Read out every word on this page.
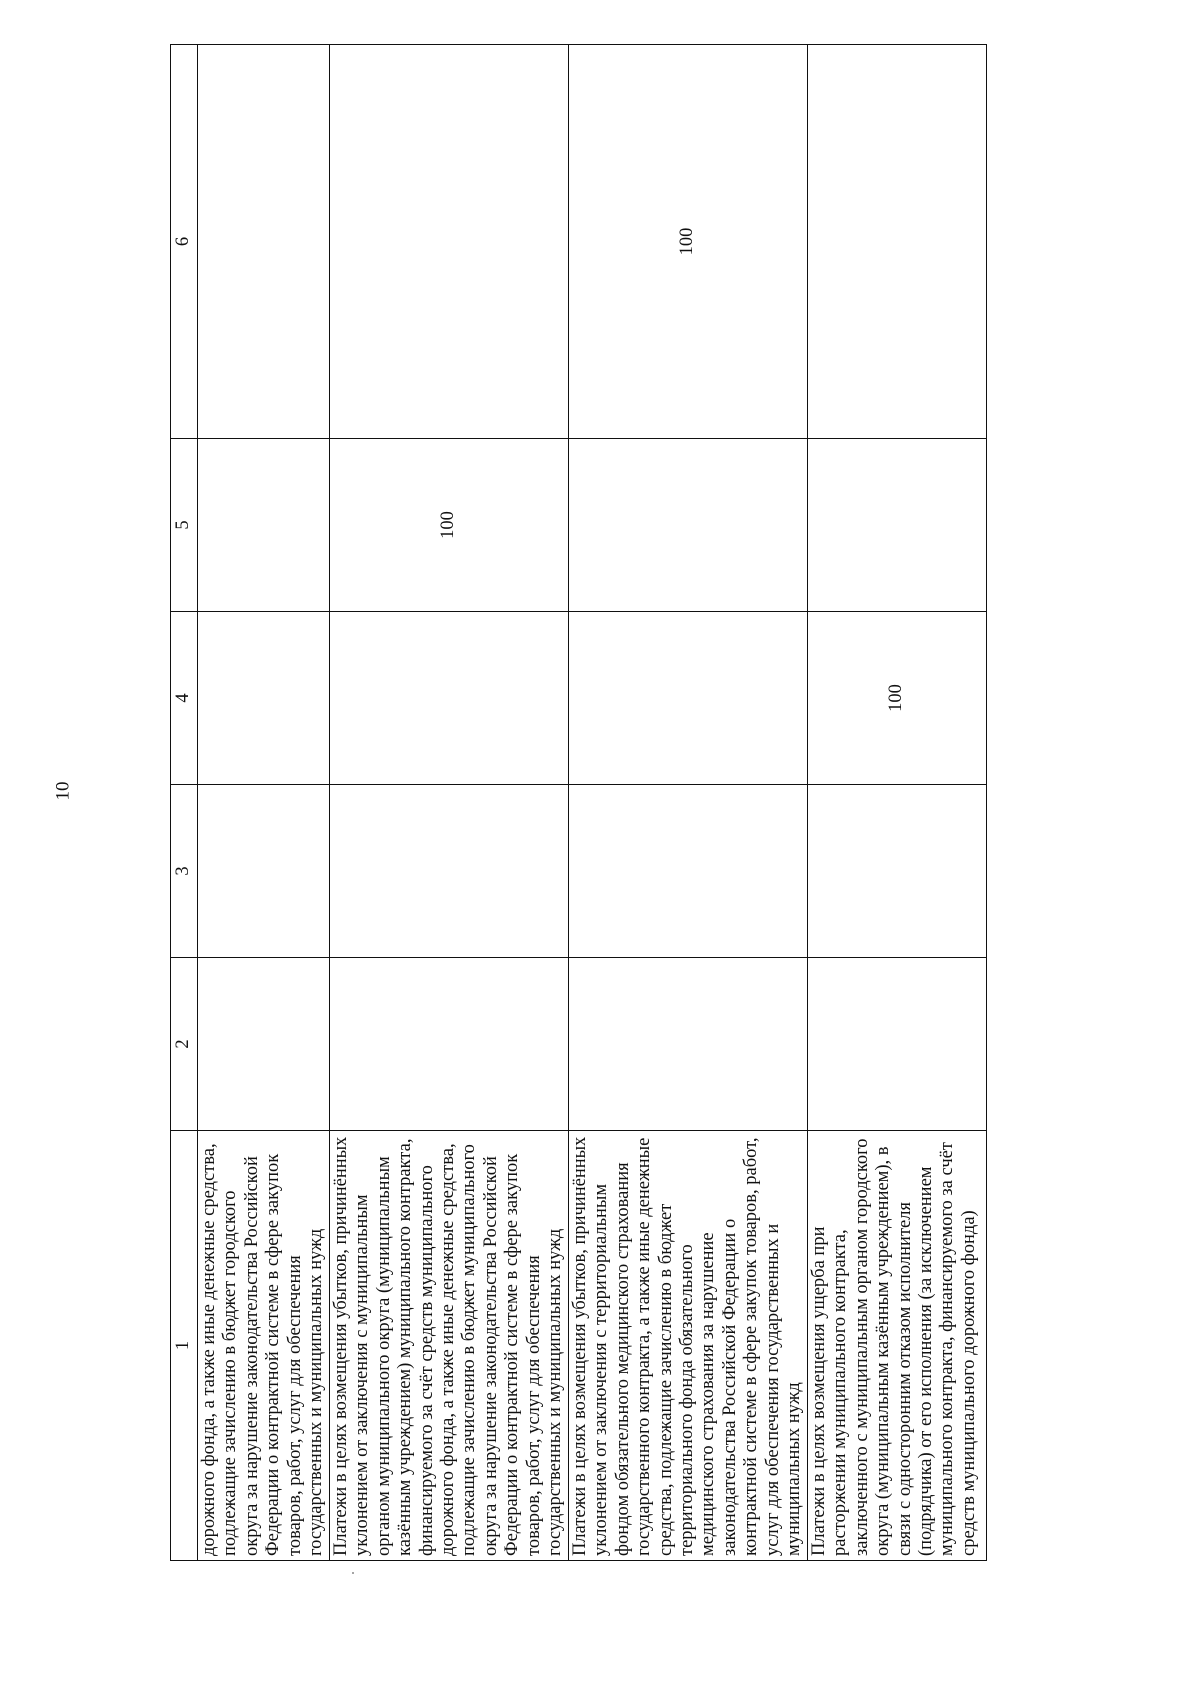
10
1	2	3	4	5	6
дорожного фонда, а также иные денежные средства, подлежащие зачислению в бюджет городского округа за нарушение законодательства Российской Федерации о контрактной системе в сфере закупок товаров, работ, услуг для обеспечения государственных и муниципальных нужд					
Платежи в целях возмещения убытков, причинённых уклонением от заключения с муниципальным органом муниципального округа (муниципальным казённым учреждением) муниципального контракта, финансируемого за счёт средств муниципального дорожного фонда, а также иные денежные средства, подлежащие зачислению в бюджет муниципального округа за нарушение законодательства Российской Федерации о контрактной системе в сфере закупок товаров, работ, услуг для обеспечения государственных и муниципальных нужд				100	
Платежи в целях возмещения убытков, причинённых уклонением от заключения с территориальным фондом обязательного медицинского страхования государственного контракта, а также иные денежные средства, подлежащие зачислению в бюджет территориального фонда обязательного медицинского страхования за нарушение законодательства Российской Федерации о контрактной системе в сфере закупок товаров, работ, услуг для обеспечения государственных и муниципальных нужд					100
Платежи в целях возмещения ущерба при расторжении муниципального контракта, заключенного с муниципальным органом городского округа (муниципальным казённым учреждением), в связи с односторонним отказом исполнителя (подрядчика) от его исполнения (за исключением муниципального контракта, финансируемого за счёт средств муниципального дорожного фонда)			100		
